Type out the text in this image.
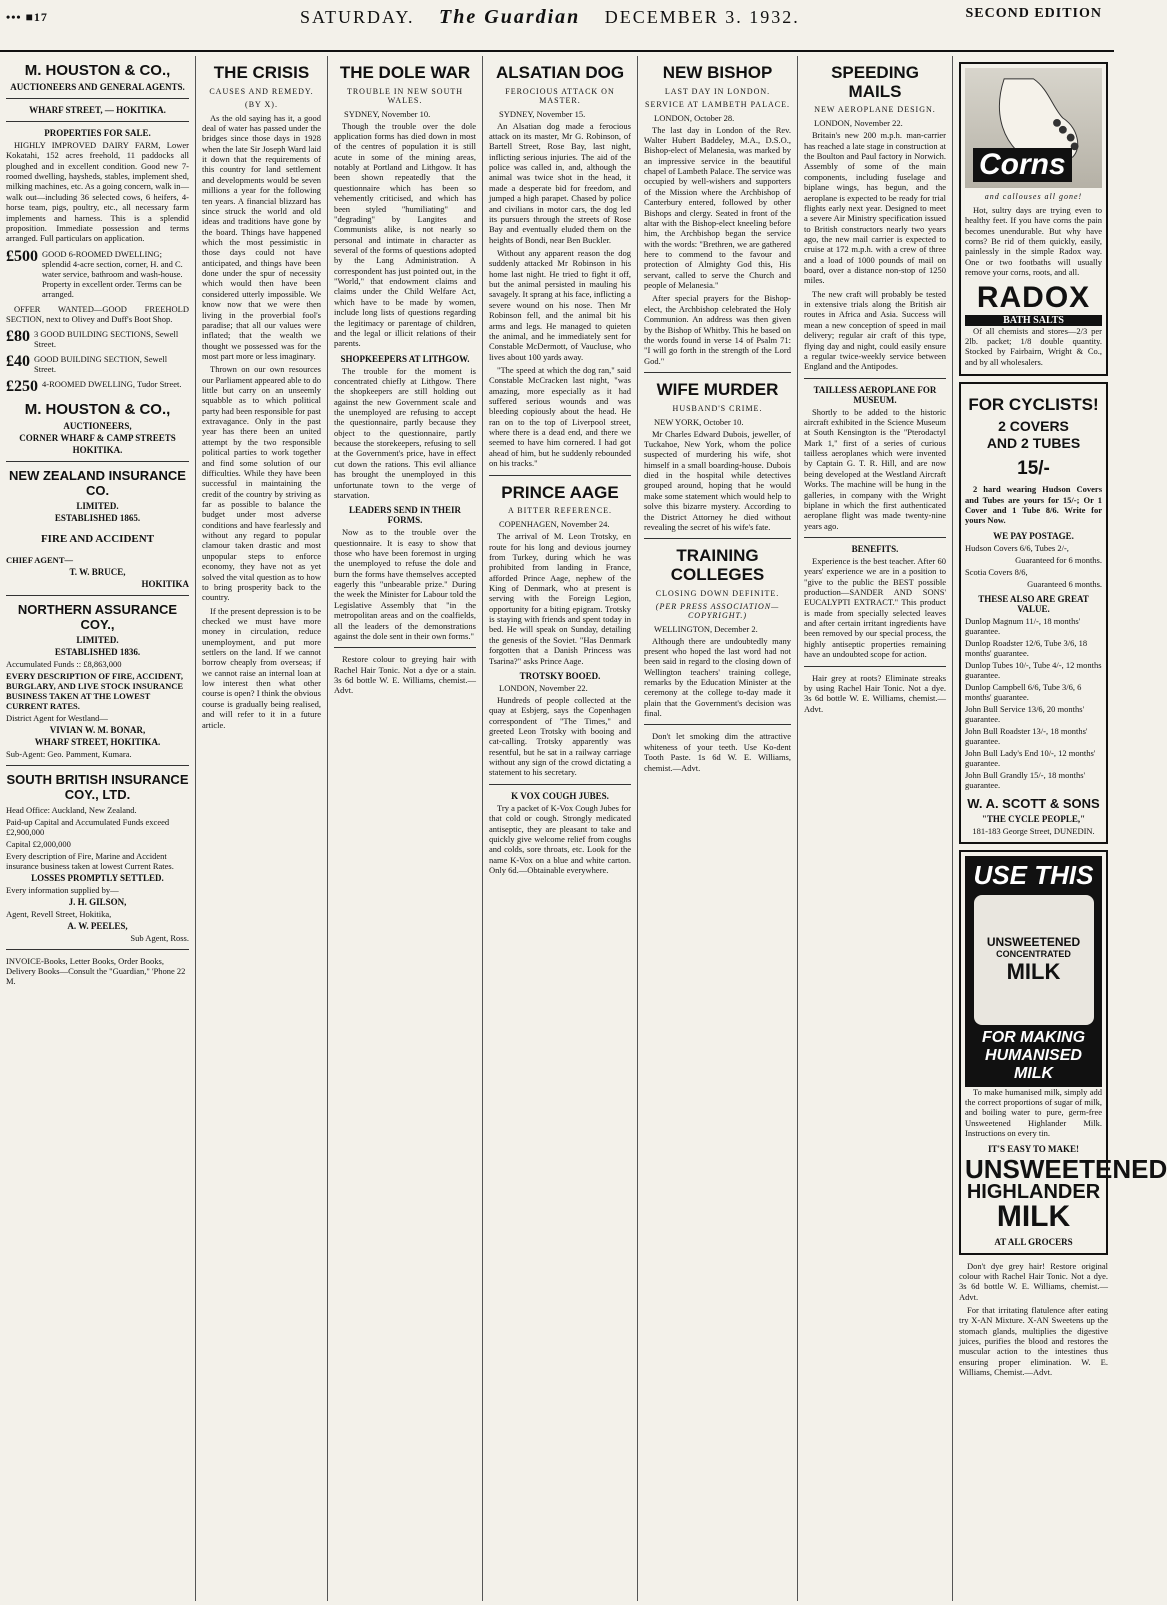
••• ■17	SATURDAY. The Guardian DECEMBER 3. 1932.	SECOND EDITION
M. HOUSTON & CO.,
AUCTIONEERS AND GENERAL AGENTS.
WHARF STREET, — HOKITIKA.
PROPERTIES FOR SALE.

HIGHLY IMPROVED DAIRY FARM, Lower Kokatahi, 152 acres freehold, 11 paddocks all ploughed and in excellent condition. Good new 7-roomed dwelling, haysheds, stables, implement shed, milking machines, etc. As a going concern, walk in—walk out—including 36 selected cows, 6 heifers, 4-horse team, pigs, poultry, etc., all necessary farm implements and harness. This is a splendid proposition. Immediate possession and terms arranged. Full particulars on application.

£500 GOOD 6-ROOMED DWELLING; splendid 4-acre section, corner, H. and C. water service, bathroom and wash-house. Property in excellent order. Terms can be arranged.

OFFER WANTED—GOOD FREEHOLD SECTION, next to Olivey and Duff's Boot Shop.

£80 3 GOOD BUILDING SECTIONS, Sewell Street.
£40 GOOD BUILDING SECTION, Sewell Street.
£250 4-ROOMED DWELLING, Tudor Street.
M. HOUSTON & CO.,
AUCTIONEERS,
CORNER WHARF & CAMP STREETS
HOKITIKA.
NEW ZEALAND INSURANCE CO.
LIMITED.
ESTABLISHED 1865.
FIRE AND ACCIDENT
CHIEF AGENT—
T. W. BRUCE,
HOKITIKA
NORTHERN ASSURANCE COY.,
LIMITED.
ESTABLISHED 1836.
Accumulated Funds :: £8,863,000
EVERY DESCRIPTION OF FIRE, ACCIDENT, BURGLARY, AND LIVE STOCK INSURANCE BUSINESS TAKEN AT THE LOWEST CURRENT RATES.
District Agent for Westland—
VIVIAN W. M. BONAR,
WHARF STREET, HOKITIKA.
Sub-Agent: Geo. Pamment, Kumara.
SOUTH BRITISH INSURANCE COY., LTD.
Head Office: Auckland, New Zealand.
Paid-up Capital and Accumulated Funds exceed £2,900,000
Capital £2,000,000
Every description of Fire, Marine and Accident insurance business taken at lowest Current Rates.
LOSSES PROMPTLY SETTLED.
Every information supplied by—
J. H. GILSON,
Agent, Revell Street, Hokitika,
A. W. PEELES,
Sub Agent, Ross.
INVOICE-Books, Letter Books, Order Books, Delivery Books—Consult the "Guardian," 'Phone 22 M.
THE CRISIS
CAUSES AND REMEDY.
(BY X).

As the old saying has it, a good deal of water has passed under the bridges since those days in 1928 when the late Sir Joseph Ward laid it down that the requirements of this country for land settlement and developments would be seven millions a year for the following ten years. A financial blizzard has since struck the world and old ideas and traditions have gone by the board. Things have happened which the most pessimistic in those days could not have anticipated, and things have been done under the spur of necessity which would then have been considered utterly impossible. We know now that we were then living in the proverbial fool's paradise; that all our values were inflated; that the wealth we thought we possessed was for the most part more or less imaginary.

Thrown on our own resources our Parliament appeared able to do little but carry on an unseemly squabble as to which political party had been responsible for past extravagance. Only in the past year has there been an united attempt by the two responsible political parties to work together and find some solution of our difficulties. While they have been successful in maintaining the credit of the country by striving as far as possible to balance the budget under most adverse conditions and have fearlessly and without any regard to popular clamour taken drastic and most unpopular steps to enforce economy, they have not as yet solved the vital question as to how to bring prosperity back to the country.

If the present depression is to be checked we must have more money in circulation, reduce unemployment, and put more settlers on the land. If we cannot borrow cheaply from overseas; if we cannot raise an internal loan at low interest then what other course is open? I think the obvious course is gradually being realised, and will refer to it in a future article.

THE DOLE WAR
TROUBLE IN NEW SOUTH WALES.
SYDNEY, November 10.

Though the trouble over the dole application forms has died down in most of the centres of population it is still acute in some of the mining areas, notably at Portland and Lithgow. It has been shown repeatedly that the questionnaire which has been so vehemently criticised, and which has been styled "humiliating" and "degrading" by Langites and Communists alike, is not nearly so personal and intimate in character as several of the forms of questions adopted by the Lang Administration. A correspondent has just pointed out, in the "World," that endowment claims and claims under the Child Welfare Act, which have to be made by women, include long lists of questions regarding the legitimacy or parentage of children, and the legal or illicit relations of their parents.

SHOPKEEPERS AT LITHGOW.

The trouble for the moment is concentrated chiefly at Lithgow. There the shopkeepers are still holding out against the new Government scale and the unemployed are refusing to accept the questionnaire, partly because they object to the questionnaire, partly because the storekeepers, refusing to sell at the Government's price, have in effect cut down the rations. This evil alliance has brought the unemployed in this unfortunate town to the verge of starvation.

LEADERS SEND IN THEIR FORMS.

Now as to the trouble over the questionnaire. It is easy to show that those who have been foremost in urging the unemployed to refuse the dole and burn the forms have themselves accepted eagerly this "unbearable prize." During the week the Minister for Labour told the Legislative Assembly that "in the metropolitan areas and on the coalfields, all the leaders of the demonstrations against the dole sent in their own forms."

Restore colour to greying hair with Rachel Hair Tonic. Not a dye or a stain. 3s 6d bottle W. E. Williams, chemist.—Advt.

ALSATIAN DOG
FEROCIOUS ATTACK ON MASTER.
SYDNEY, November 15.

An Alsatian dog made a ferocious attack on its master, Mr G. Robinson, of Bartell Street, Rose Bay, last night, inflicting serious injuries. The aid of the police was called in, and, although the animal was twice shot in the head, it made a desperate bid for freedom, and jumped a high parapet. Chased by police and civilians in motor cars, the dog led its pursuers through the streets of Rose Bay and eventually eluded them on the heights of Bondi, near Ben Buckler.

Without any apparent reason the dog suddenly attacked Mr Robinson in his home last night. He tried to fight it off, but the animal persisted in mauling his savagely. It sprang at his face, inflicting a severe wound on his nose. Then Mr Robinson fell, and the animal bit his arms and legs. He managed to quieten the animal, and he immediately sent for Constable McDermott, of Vaucluse, who lives about 100 yards away.

"The speed at which the dog ran," said Constable McCracken last night, "was amazing, more especially as it had suffered serious wounds and was bleeding copiously about the head. He ran on to the top of Liverpool street, where there is a dead end, and there we seemed to have him cornered. I had got ahead of him, but he suddenly rebounded on his tracks."

PRINCE AAGE
A BITTER REFERENCE.
COPENHAGEN, November 24.

The arrival of M. Leon Trotsky, en route for his long and devious journey from Turkey, during which he was prohibited from landing in France, afforded Prince Aage, nephew of the King of Denmark, who at present is serving with the Foreign Legion, opportunity for a biting epigram. Trotsky is staying with friends and spent today in bed. He will speak on Sunday, detailing the genesis of the Soviet. "Has Denmark forgotten that a Danish Princess was Tsarina?" asks Prince Aage.

TROTSKY BOOED.
LONDON, November 22.

Hundreds of people collected at the quay at Esbjerg, says the Copenhagen correspondent of "The Times," and greeted Leon Trotsky with booing and cat-calling. Trotsky apparently was resentful, but he sat in a railway carriage without any sign of the crowd dictating a statement to his secretary.

K VOX COUGH JUBES.

Try a packet of K-Vox Cough Jubes for that cold or cough. Strongly medicated antiseptic, they are pleasant to take and quickly give welcome relief from coughs and colds, sore throats, etc. Look for the name K-Vox on a blue and white carton. Only 6d.—Obtainable everywhere.

NEW BISHOP
LAST DAY IN LONDON.
SERVICE AT LAMBETH PALACE.
LONDON, October 28.

The last day in London of the Rev. Walter Hubert Baddeley, M.A., D.S.O., Bishop-elect of Melanesia, was marked by an impressive service in the beautiful chapel of Lambeth Palace. The service was occupied by well-wishers and supporters of the Mission where the Archbishop of Canterbury entered, followed by other Bishops and clergy. Seated in front of the altar with the Bishop-elect kneeling before him, the Archbishop began the service with the words: "Brethren, we are gathered here to commend to the favour and protection of Almighty God this, His servant, called to serve the Church and people of Melanesia."

After special prayers for the Bishop-elect, the Archbishop celebrated the Holy Communion. An address was then given by the Bishop of Whitby. This he based on the words found in verse 14 of Psalm 71: "I will go forth in the strength of the Lord God."

WIFE MURDER
HUSBAND'S CRIME.
NEW YORK, October 10.

Mr Charles Edward Dubois, jeweller, of Tuckahoe, New York, whom the police suspected of murdering his wife, shot himself in a small boarding-house. Dubois died in the hospital while detectives grouped around, hoping that he would make some statement which would help to solve this bizarre mystery. According to the District Attorney he died without revealing the secret of his wife's fate.

TRAINING COLLEGES
CLOSING DOWN DEFINITE.
(PER PRESS ASSOCIATION—COPYRIGHT.)
WELLINGTON, December 2.

Although there are undoubtedly many present who hoped the last word had not been said in regard to the closing down of Wellington teachers' training college, remarks by the Education Minister at the ceremony at the college to-day made it plain that the Government's decision was final.

Don't let smoking dim the attractive whiteness of your teeth. Use Ko-dent Tooth Paste. 1s 6d W. E. Williams, chemist.—Advt.

SPEEDING MAILS
NEW AEROPLANE DESIGN.
LONDON, November 22.

Britain's new 200 m.p.h. man-carrier has reached a late stage in construction at the Boulton and Paul factory in Norwich. Assembly of some of the main components, including fuselage and biplane wings, has begun, and the aeroplane is expected to be ready for trial flights early next year. Designed to meet a severe Air Ministry specification issued to British constructors nearly two years ago, the new mail carrier is expected to cruise at 172 m.p.h. with a crew of three and a load of 1000 pounds of mail on board, over a distance non-stop of 1250 miles.

The new craft will probably be tested in extensive trials along the British air routes in Africa and Asia. Success will mean a new conception of speed in mail delivery; regular air craft of this type, flying day and night, could easily ensure a regular twice-weekly service between England and the Antipodes.

TAILLESS AEROPLANE FOR MUSEUM.

Shortly to be added to the historic aircraft exhibited in the Science Museum at South Kensington is the "Pterodactyl Mark 1," first of a series of curious tailless aeroplanes which were invented by Captain G. T. R. Hill, and are now being developed at the Westland Aircraft Works. The machine will be hung in the galleries, in company with the Wright biplane in which the first authenticated aeroplane flight was made twenty-nine years ago.

BENEFITS.

Experience is the best teacher. After 60 years' experience we are in a position to "give to the public the BEST possible production—SANDER AND SONS' EUCALYPTI EXTRACT." This product is made from specially selected leaves and after certain irritant ingredients have been removed by our special process, the highly antiseptic properties remaining have an undoubted scope for action.

Hair grey at roots? Eliminate streaks by using Rachel Hair Tonic. Not a dye. 3s 6d bottle W. E. Williams, chemist.—Advt.

Corns
and callouses all gone!

Hot, sultry days are trying even to healthy feet. If you have corns the pain becomes unendurable. But why have corns? Be rid of them quickly, easily, painlessly in the simple Radox way. One or two footbaths will usually remove your corns, roots, and all.

RADOX
BATH SALTS

Of all chemists and stores—2/3 per 2lb. packet; 1/8 double quantity. Stocked by Fairbairn, Wright & Co., and by all wholesalers.

FOR CYCLISTS!
2 COVERS
AND 2 TUBES
15/-

2 hard wearing Hudson Covers and Tubes are yours for 15/-; Or 1 Cover and 1 Tube 8/6. Write for yours Now.

WE PAY POSTAGE.
Hudson Covers 6/6, Tubes 2/-,
Guaranteed for 6 months.
Scotia Covers 8/6,
Guaranteed 6 months.
THESE ALSO ARE GREAT VALUE.
Dunlop Magnum 11/-, 18 months' guarantee.
Dunlop Roadster 12/6, Tube 3/6, 18 months' guarantee.
Dunlop Tubes 10/-, Tube 4/-, 12 months guarantee.
Dunlop Campbell 6/6, Tube 3/6, 6 months' guarantee.
John Bull Service 13/6, 20 months' guarantee.
John Bull Roadster 13/-, 18 months' guarantee.
John Bull Lady's End 10/-, 12 months' guarantee.
John Bull Grandly 15/-, 18 months' guarantee.
W. A. SCOTT & SONS
"THE CYCLE PEOPLE,"
181-183 George Street, DUNEDIN.
USE THIS
UNSWEETENED
CONCENTRATED
MILK
FOR MAKING
HUMANISED MILK

To make humanised milk, simply add the correct proportions of sugar of milk, and boiling water to pure, germ-free Unsweetened Highlander Milk. Instructions on every tin.

IT'S EASY TO MAKE!
UNSWEETENED
HIGHLANDER
MILK
AT ALL GROCERS

Don't dye grey hair! Restore original colour with Rachel Hair Tonic. Not a dye. 3s 6d bottle W. E. Williams, chemist.—Advt.

For that irritating flatulence after eating try X-AN Mixture. X-AN Sweetens up the stomach glands, multiplies the digestive juices, purifies the blood and restores the muscular action to the intestines thus ensuring proper elimination. W. E. Williams, Chemist.—Advt.
